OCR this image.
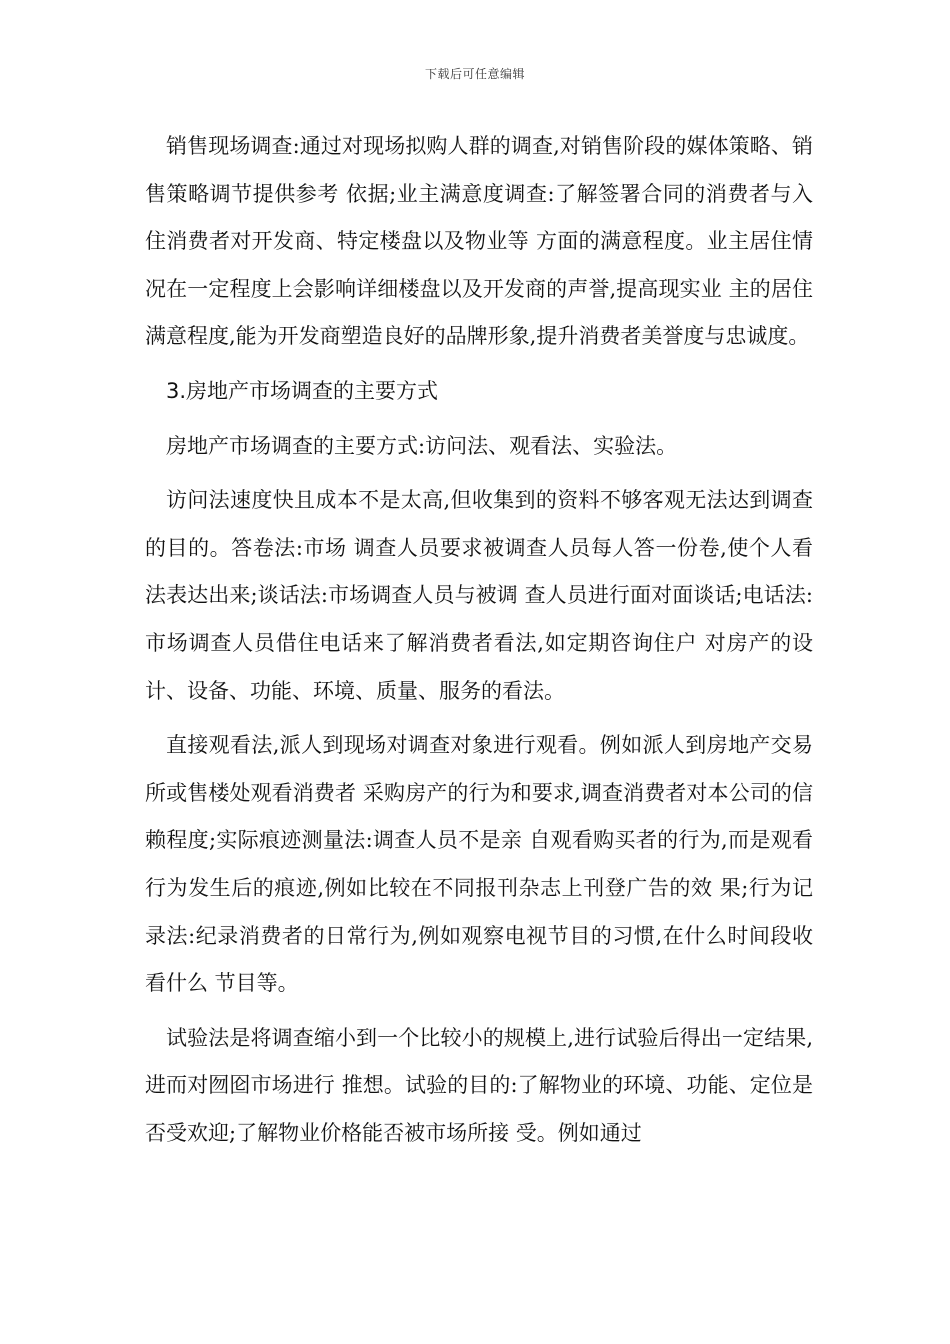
下载后可任意编辑

销售现场调查:通过对现场拟购人群的调查,对销售阶段的媒体策略、销售策略调节提供参考 依据;业主满意度调查:了解签署合同的消费者与入住消费者对开发商、特定楼盘以及物业等 方面的满意程度。业主居住情况在一定程度上会影响详细楼盘以及开发商的声誉,提高现实业 主的居住满意程度,能为开发商塑造良好的品牌形象,提升消费者美誉度与忠诚度。

3.房地产市场调查的主要方式

房地产市场调查的主要方式:访问法、观看法、实验法。

访问法速度快且成本不是太高,但收集到的资料不够客观无法达到调查的目的。答卷法:市场 调查人员要求被调查人员每人答一份卷,使个人看法表达出来;谈话法:市场调查人员与被调 查人员进行面对面谈话;电话法:市场调查人员借住电话来了解消费者看法,如定期咨询住户 对房产的设计、设备、功能、环境、质量、服务的看法。

直接观看法,派人到现场对调查对象进行观看。例如派人到房地产交易所或售楼处观看消费者 采购房产的行为和要求,调查消费者对本公司的信赖程度;实际痕迹测量法:调查人员不是亲 自观看购买者的行为,而是观看行为发生后的痕迹,例如比较在不同报刊杂志上刊登广告的效 果;行为记录法:纪录消费者的日常行为,例如观察电视节目的习惯,在什么时间段收看什么 节目等。

试验法是将调查缩小到一个比较小的规模上,进行试验后得出一定结果,进而对囫囵市场进行 推想。试验的目的:了解物业的环境、功能、定位是否受欢迎;了解物业价格能否被市场所接 受。例如通过
